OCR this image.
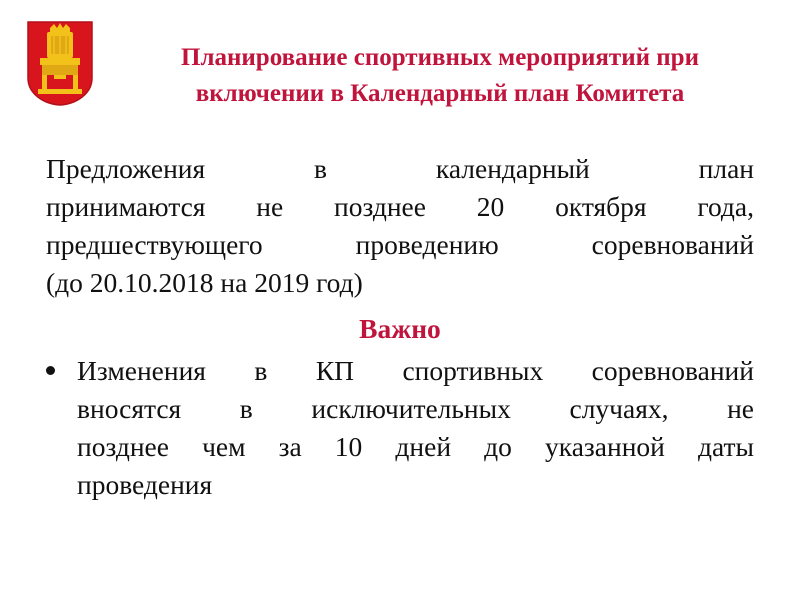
Планирование спортивных мероприятий при
включении в Календарный план Комитета
Предложения в календарный план
принимаются не позднее 20 октября года,
предшествующего проведению соревнований
(до 20.10.2018 на 2019 год)
Важно
Изменения в КП спортивных соревнований
вносятся в исключительных случаях, не
позднее чем за 10 дней до указанной даты
проведения
